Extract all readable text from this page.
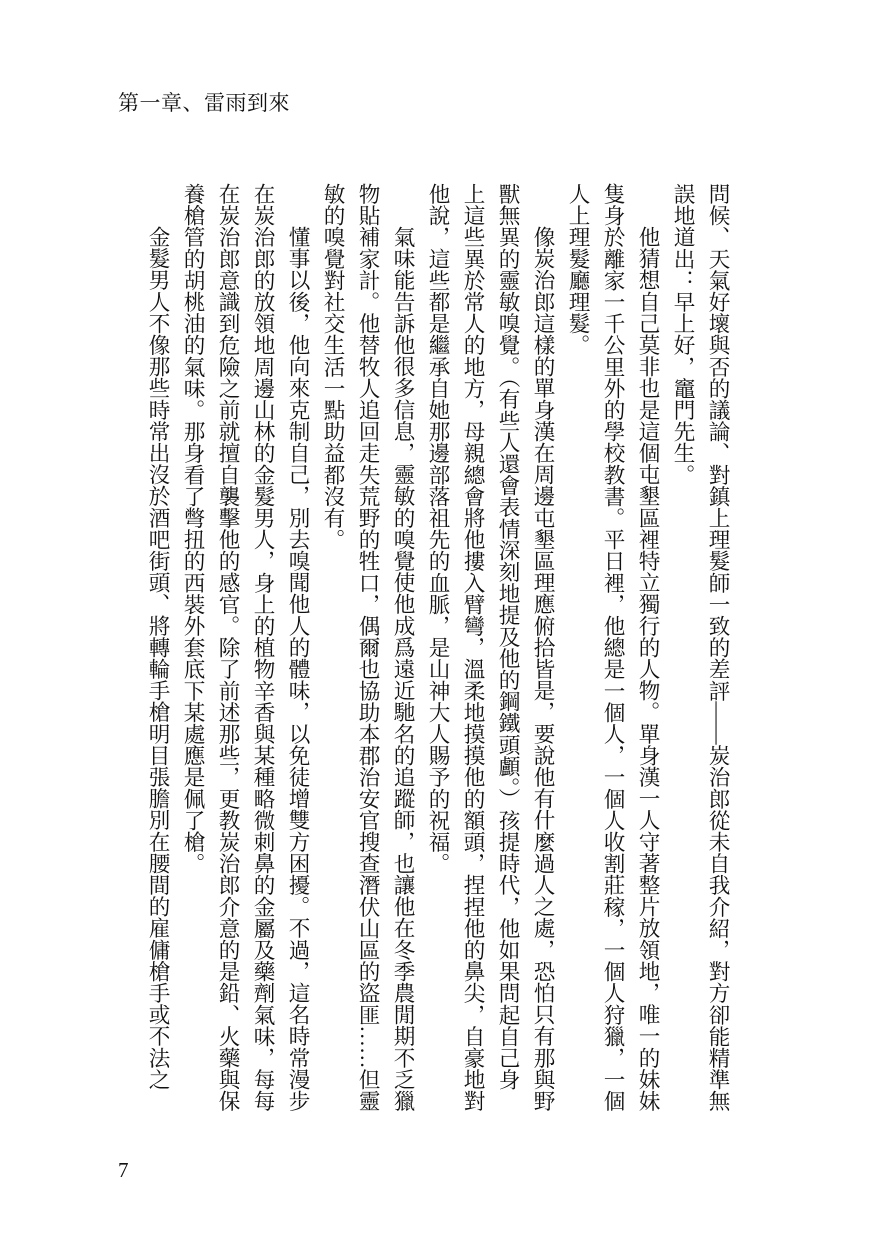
第一章、雷雨到來
問候、天氣好壞與否的議論、對鎮上理髮師一致的差評——炭治郎從未自我介紹，對方卻能精準無
誤地道出：早上好，竈門先生。
他猜想自己莫非也是這個屯墾區裡特立獨行的人物。單身漢一人守著整片放領地，唯一的妹妹
隻身於離家一千公里外的學校教書。平日裡，他總是一個人，一個人收割莊稼，一個人狩獵，一個
人上理髮廳理髮。
像炭治郎這樣的單身漢在周邊屯墾區理應俯拾皆是，要說他有什麼過人之處，恐怕只有那與野
獸無異的靈敏嗅覺。（有些人還會表情深刻地提及他的鋼鐵頭顱。）孩提時代，他如果問起自己身
上這些異於常人的地方，母親總會將他摟入臂彎，溫柔地摸摸他的額頭，捏捏他的鼻尖，自豪地對
他說，這些都是繼承自她那邊部落祖先的血脈，是山神大人賜予的祝福。
氣味能告訴他很多信息，靈敏的嗅覺使他成爲遠近馳名的追蹤師，也讓他在冬季農閒期不乏獵
物貼補家計。他替牧人追回走失荒野的牲口，偶爾也協助本郡治安官搜查潛伏山區的盜匪……但靈
敏的嗅覺對社交生活一點助益都沒有。
懂事以後，他向來克制自己，別去嗅聞他人的體味，以免徒增雙方困擾。不過，這名時常漫步
在炭治郎的放領地周邊山林的金髮男人，身上的植物辛香與某種略微刺鼻的金屬及藥劑氣味，每每
在炭治郎意識到危險之前就擅自襲擊他的感官。除了前述那些，更教炭治郎介意的是鉛、火藥與保
養槍管的胡桃油的氣味。那身看了彆扭的西裝外套底下某處應是佩了槍。
金髮男人不像那些時常出沒於酒吧街頭、將轉輪手槍明目張膽別在腰間的雇傭槍手或不法之
7
